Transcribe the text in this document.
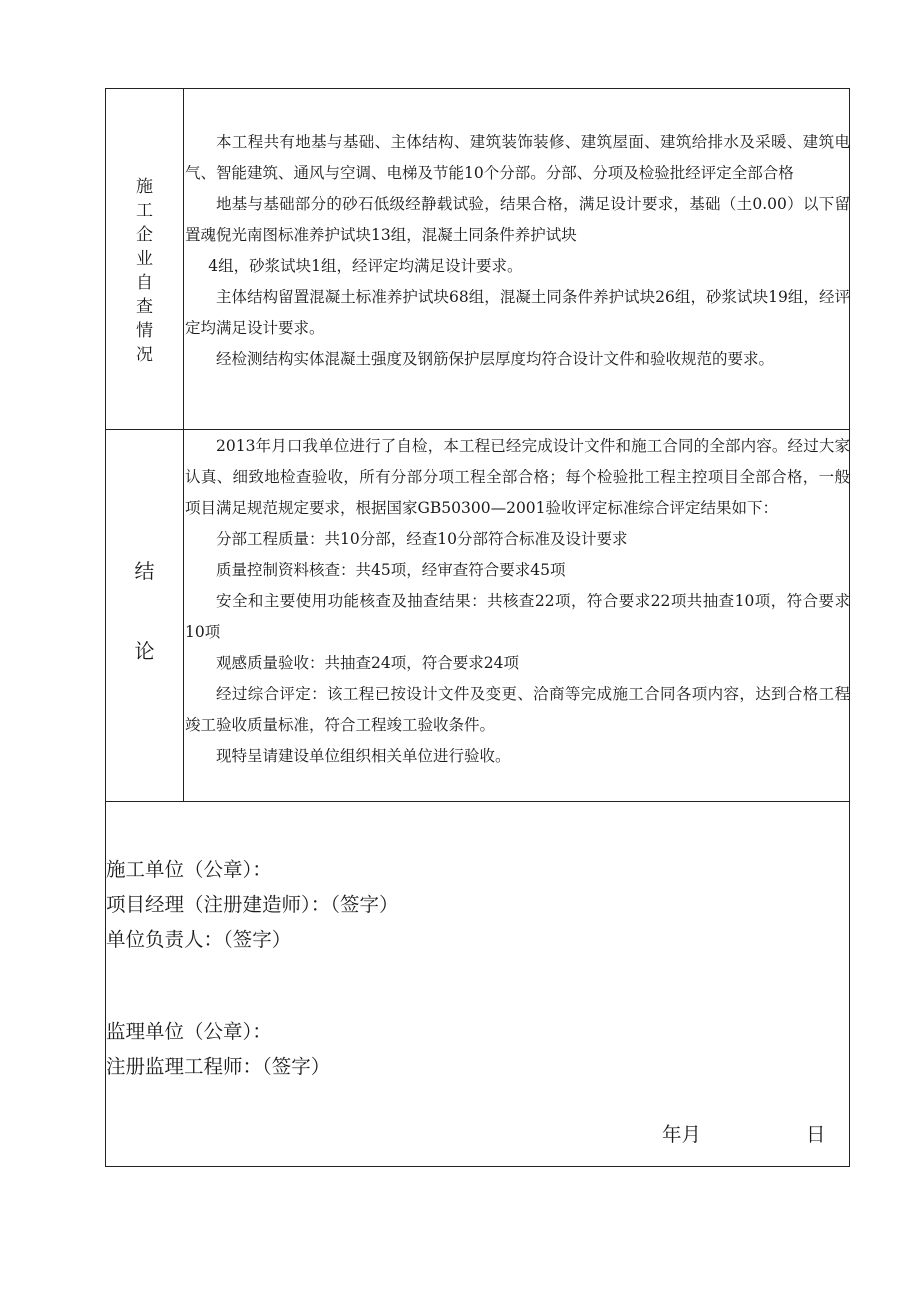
施
工
企
业
自
查
情
况

本工程共有地基与基础、主体结构、建筑装饰装修、建筑屋面、建筑给排水及采暖、建筑电气、智能建筑、通风与空调、电梯及节能10个分部。分部、分项及检验批经评定全部合格

地基与基础部分的砂石低级经静载试验，结果合格，满足设计要求，基础（土0.00）以下留置魂倪光南图标准养护试块13组，混凝土同条件养护试块

4组，砂浆试块1组，经评定均满足设计要求。

主体结构留置混凝土标准养护试块68组，混凝土同条件养护试块26组，砂浆试块19组，经评定均满足设计要求。

经检测结构实体混凝土强度及钢筋保护层厚度均符合设计文件和验收规范的要求。

结
论

2013年月口我单位进行了自检，本工程已经完成设计文件和施工合同的全部内容。经过大家认真、细致地检查验收，所有分部分项工程全部合格；每个检验批工程主控项目全部合格，一般项目满足规范规定要求，根据国家GB50300—2001验收评定标准综合评定结果如下：

分部工程质量：共10分部，经查10分部符合标准及设计要求

质量控制资料核查：共45项，经审查符合要求45项

安全和主要使用功能核查及抽查结果：共核查22项，符合要求22项共抽查10项，符合要求10项

观感质量验收：共抽查24项，符合要求24项

经过综合评定：该工程已按设计文件及变更、洽商等完成施工合同各项内容，达到合格工程竣工验收质量标准，符合工程竣工验收条件。

现特呈请建设单位组织相关单位进行验收。

施工单位（公章）：
项目经理（注册建造师）：（签字）
单位负责人：（签字）
监理单位（公章）：
注册监理工程师：（签字）
年月	日
